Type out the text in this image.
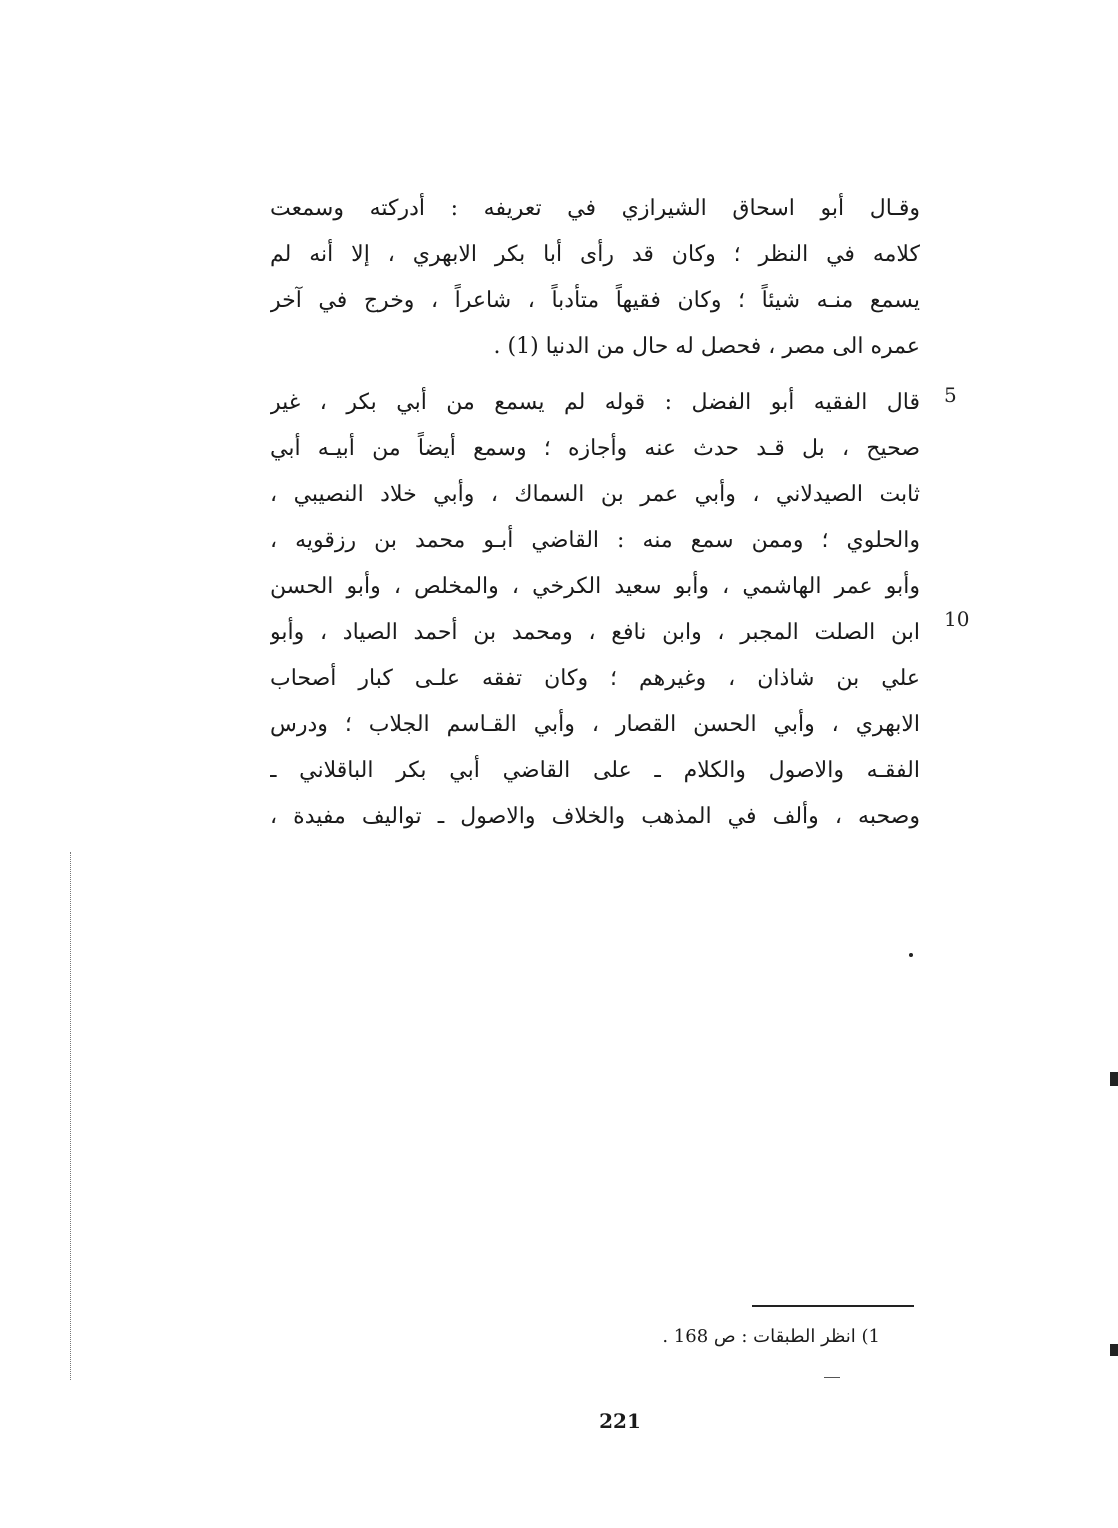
وقـال أبو اسحاق الشيرازي في تعريفه : أدركته وسمعت
كلامه في النظر ؛ وكان قد رأى أبا بكر الابهري ، إلا أنه لم
يسمع منـه شيئاً ؛ وكان فقيهاً متأدباً ، شاعراً ، وخرج في آخر
عمره الى مصر ، فحصل له حال من الدنيا (1) .
قال الفقيه أبو الفضل : قوله لم يسمع من أبي بكر ، غير
صحيح ، بل قـد حدث عنه وأجازه ؛ وسمع أيضاً من أبيـه أبي
ثابت الصيدلاني ، وأبي عمر بن السماك ، وأبي خلاد النصيبي ،
والحلوي ؛ وممن سمع منه : القاضي أبـو محمد بن رزقويه ،
وأبو عمر الهاشمي ، وأبو سعيد الكرخي ، والمخلص ، وأبو الحسن
ابن الصلت المجبر ، وابن نافع ، ومحمد بن أحمد الصياد ، وأبو
علي بن شاذان ، وغيرهم ؛ وكان تفقه علـى كبار أصحاب
الابهري ، وأبي الحسن القصار ، وأبي القـاسم الجلاب ؛ ودرس
الفقـه والاصول والكلام ـ على القاضي أبي بكر الباقلاني ـ
وصحبه ، وألف في المذهب والخلاف والاصول ـ تواليف مفيدة ،
5
10
1) انظر الطبقات : ص 168 .
221
